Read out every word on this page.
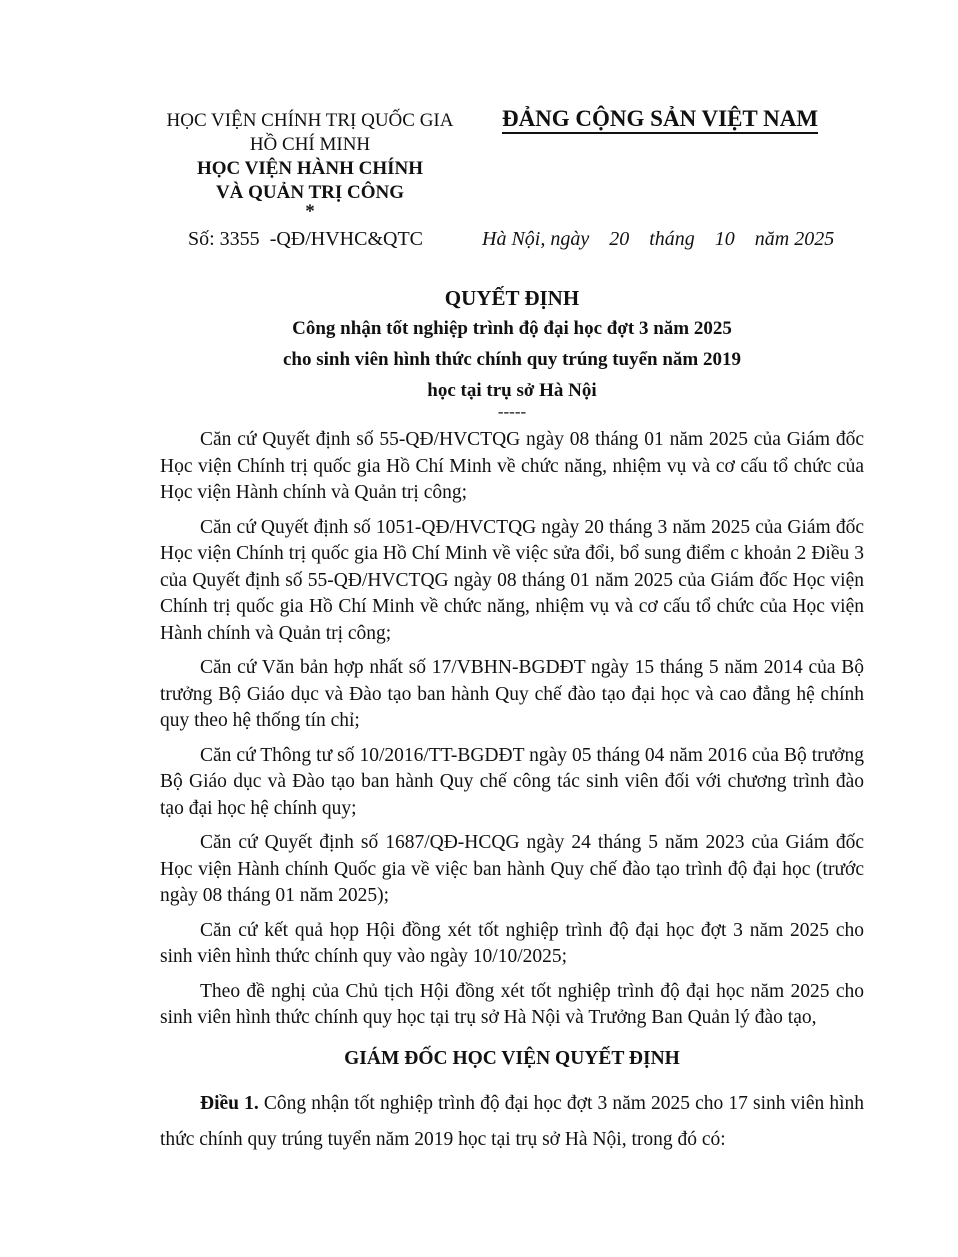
HỌC VIỆN CHÍNH TRỊ QUỐC GIA
HỒ CHÍ MINH
HỌC VIỆN HÀNH CHÍNH
VÀ QUẢN TRỊ CÔNG
*
ĐẢNG CỘNG SẢN VIỆT NAM
Số: 3355 -QĐ/HVHC&QTC	Hà Nội, ngày 20 tháng 10 năm 2025
QUYẾT ĐỊNH
Công nhận tốt nghiệp trình độ đại học đợt 3 năm 2025
cho sinh viên hình thức chính quy trúng tuyển năm 2019
học tại trụ sở Hà Nội
-----

Căn cứ Quyết định số 55-QĐ/HVCTQG ngày 08 tháng 01 năm 2025 của Giám đốc Học viện Chính trị quốc gia Hồ Chí Minh về chức năng, nhiệm vụ và cơ cấu tổ chức của Học viện Hành chính và Quản trị công;

Căn cứ Quyết định số 1051-QĐ/HVCTQG ngày 20 tháng 3 năm 2025 của Giám đốc Học viện Chính trị quốc gia Hồ Chí Minh về việc sửa đổi, bổ sung điểm c khoản 2 Điều 3 của Quyết định số 55-QĐ/HVCTQG ngày 08 tháng 01 năm 2025 của Giám đốc Học viện Chính trị quốc gia Hồ Chí Minh về chức năng, nhiệm vụ và cơ cấu tổ chức của Học viện Hành chính và Quản trị công;

Căn cứ Văn bản hợp nhất số 17/VBHN-BGDĐT ngày 15 tháng 5 năm 2014 của Bộ trưởng Bộ Giáo dục và Đào tạo ban hành Quy chế đào tạo đại học và cao đẳng hệ chính quy theo hệ thống tín chỉ;

Căn cứ Thông tư số 10/2016/TT-BGDĐT ngày 05 tháng 04 năm 2016 của Bộ trưởng Bộ Giáo dục và Đào tạo ban hành Quy chế công tác sinh viên đối với chương trình đào tạo đại học hệ chính quy;

Căn cứ Quyết định số 1687/QĐ-HCQG ngày 24 tháng 5 năm 2023 của Giám đốc Học viện Hành chính Quốc gia về việc ban hành Quy chế đào tạo trình độ đại học (trước ngày 08 tháng 01 năm 2025);

Căn cứ kết quả họp Hội đồng xét tốt nghiệp trình độ đại học đợt 3 năm 2025 cho sinh viên hình thức chính quy vào ngày 10/10/2025;

Theo đề nghị của Chủ tịch Hội đồng xét tốt nghiệp trình độ đại học năm 2025 cho sinh viên hình thức chính quy học tại trụ sở Hà Nội và Trưởng Ban Quản lý đào tạo,

GIÁM ĐỐC HỌC VIỆN QUYẾT ĐỊNH

Điều 1. Công nhận tốt nghiệp trình độ đại học đợt 3 năm 2025 cho 17 sinh viên hình thức chính quy trúng tuyển năm 2019 học tại trụ sở Hà Nội, trong đó có:
